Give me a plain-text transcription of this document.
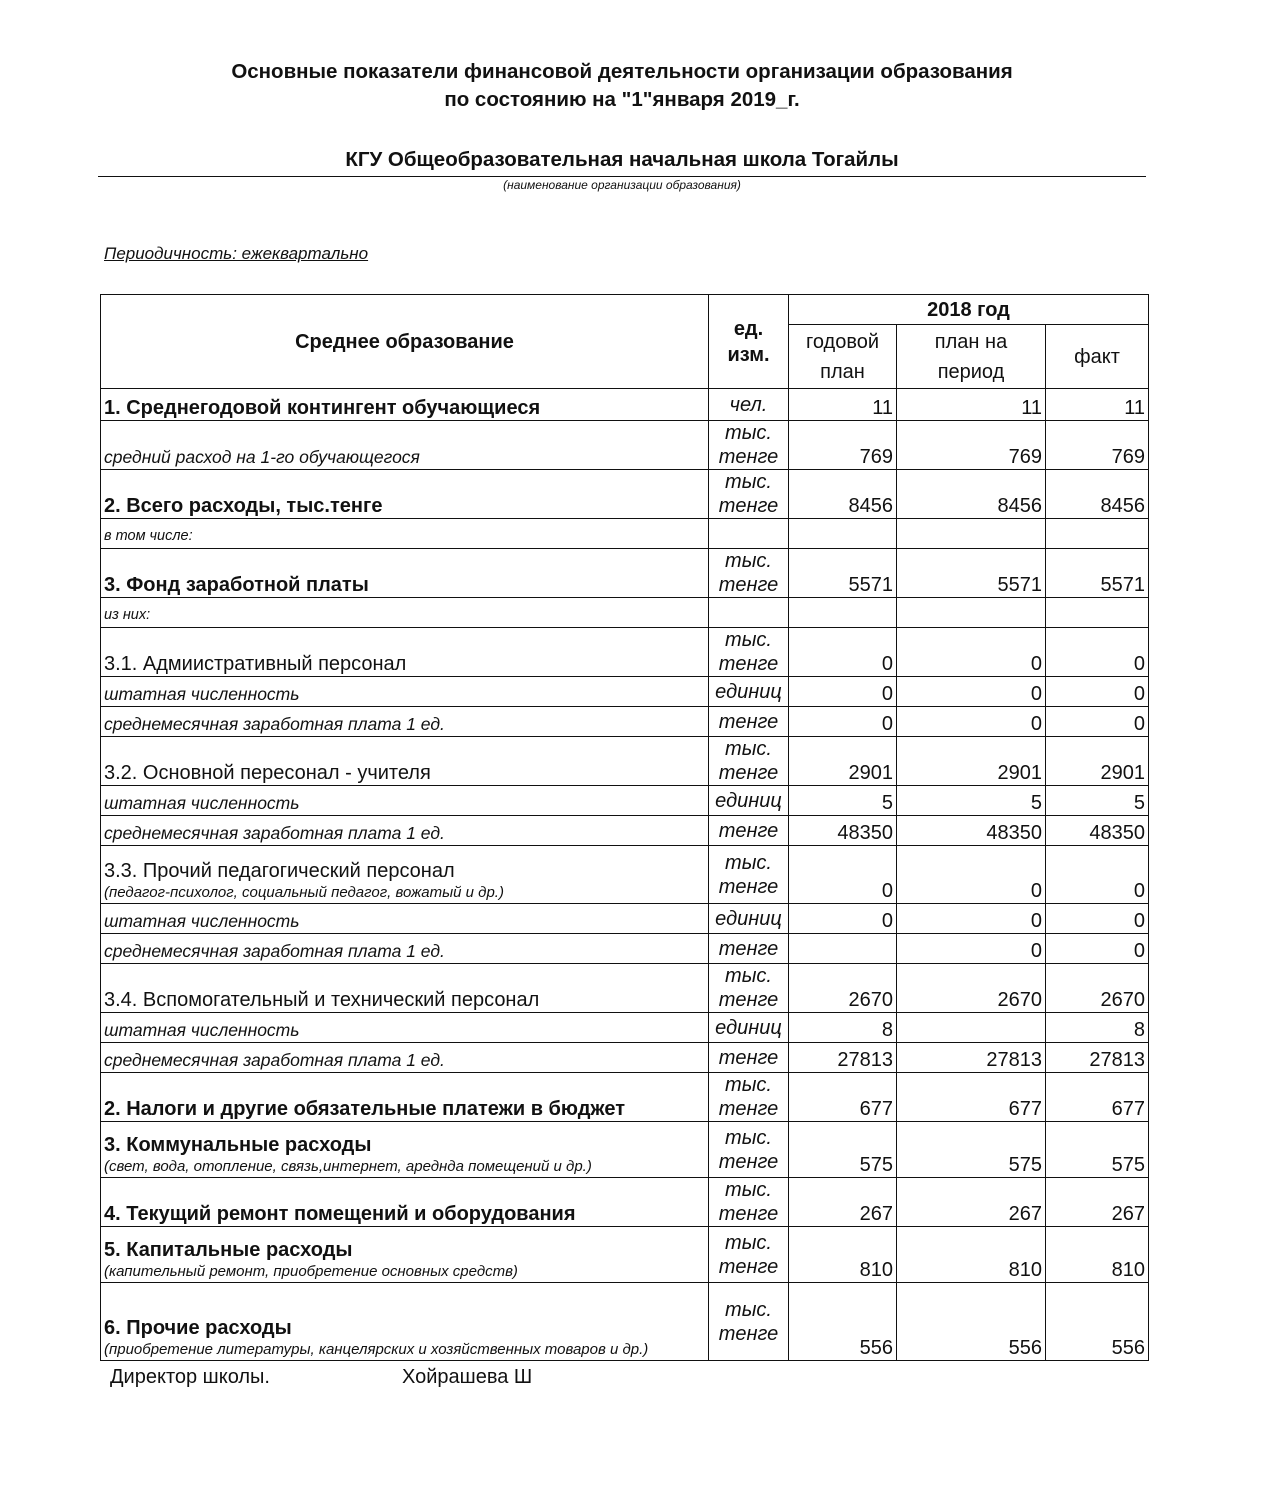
Основные показатели финансовой деятельности организации образования
по состоянию на "1"января 2019_г.
КГУ Общеобразовательная начальная школа Тогайлы
(наименование организации образования)
Периодичность: ежеквартально
Среднее образование	ед. изм.	2018 год		
		годовой план	план на период	факт
1. Среднегодовой контингент обучающиеся	чел.	11	11	11
средний расход на 1-го обучающегося	тыс. тенге	769	769	769
2. Всего расходы, тыс.тенге	тыс. тенге	8456	8456	8456
в том числе:				
3. Фонд заработной платы	тыс. тенге	5571	5571	5571
из них:				
3.1. Адмиистративный персонал	тыс. тенге	0	0	0
штатная численность	единиц	0	0	0
среднемесячная заработная плата 1 ед.	тенге	0	0	0
3.2. Основной пересонал - учителя	тыс. тенге	2901	2901	2901
штатная численность	единиц	5	5	5
среднемесячная заработная плата 1 ед.	тенге	48350	48350	48350
3.3. Прочий педагогический персонал
(педагог-психолог, социальный педагог, вожатый и др.)	тыс. тенге	0	0	0
штатная численность	единиц	0	0	0
среднемесячная заработная плата 1 ед.	тенге		0	0
3.4. Вспомогательный и технический персонал	тыс. тенге	2670	2670	2670
штатная численность	единиц	8		8
среднемесячная заработная плата 1 ед.	тенге	27813	27813	27813
2. Налоги и другие обязательные платежи в бюджет	тыс. тенге	677	677	677
3. Коммунальные расходы
(свет, вода, отопление, связь,интернет, ареднда помещений и др.)	тыс. тенге	575	575	575
4. Текущий ремонт помещений и оборудования	тыс. тенге	267	267	267
5. Капитальные расходы
(капительный ремонт, приобретение основных средств)	тыс. тенге	810	810	810
6. Прочие расходы
(приобретение литературы, канцелярских и хозяйственных товаров и др.)	тыс. тенге	556	556	556
Директор школы.	Хойрашева Ш
